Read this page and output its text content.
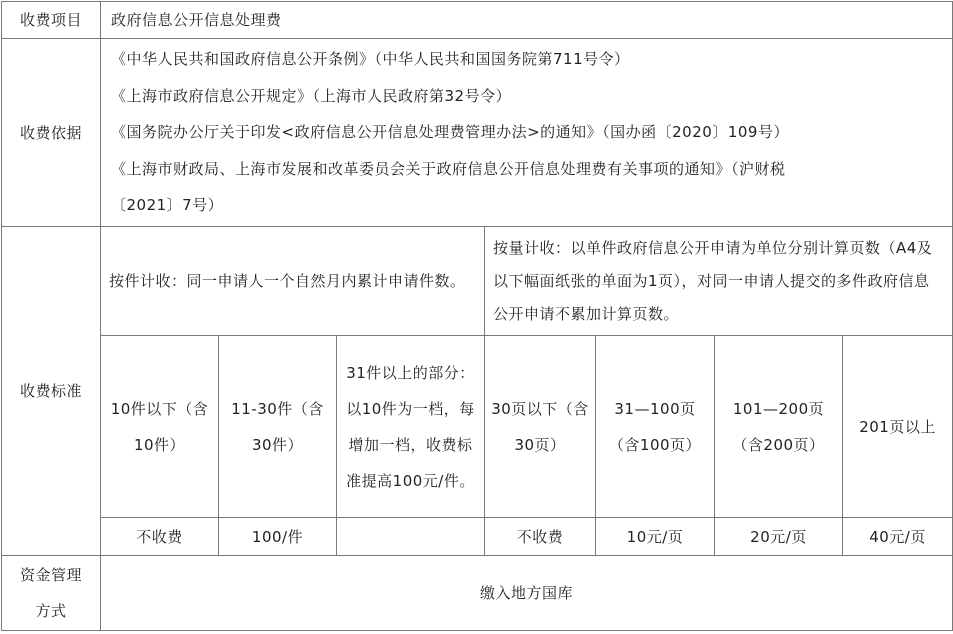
收费项目	政府信息公开信息处理费						
收费依据	《中华人民共和国政府信息公开条例》（中华人民共和国国务院第711号令）
《上海市政府信息公开规定》（上海市人民政府第32号令）
《国务院办公厅关于印发<政府信息公开信息处理费管理办法>的通知》（国办函〔2020〕109号）
《上海市财政局、上海市发展和改革委员会关于政府信息公开信息处理费有关事项的通知》（沪财税
〔2021〕7号）						

收费标准	按件计收：同一申请人一个自然月内累计申请件数。			按量计收：以单件政府信息公开申请为单位分别计算页数（A4及以下幅面纸张的单面为1页），对同一申请人提交的多件政府信息公开申请不累加计算页数。			
	10件以下（含10件）	11-30件（含30件）	31件以上的部分：以10件为一档，每增加一档，收费标准提高100元/件。	30页以下（含30页）	31—100页（含100页）	101—200页（含200页）	201页以上
	不收费	100/件		不收费	10元/页	20元/页	40元/页
资金管理方式	缴入地方国库						
